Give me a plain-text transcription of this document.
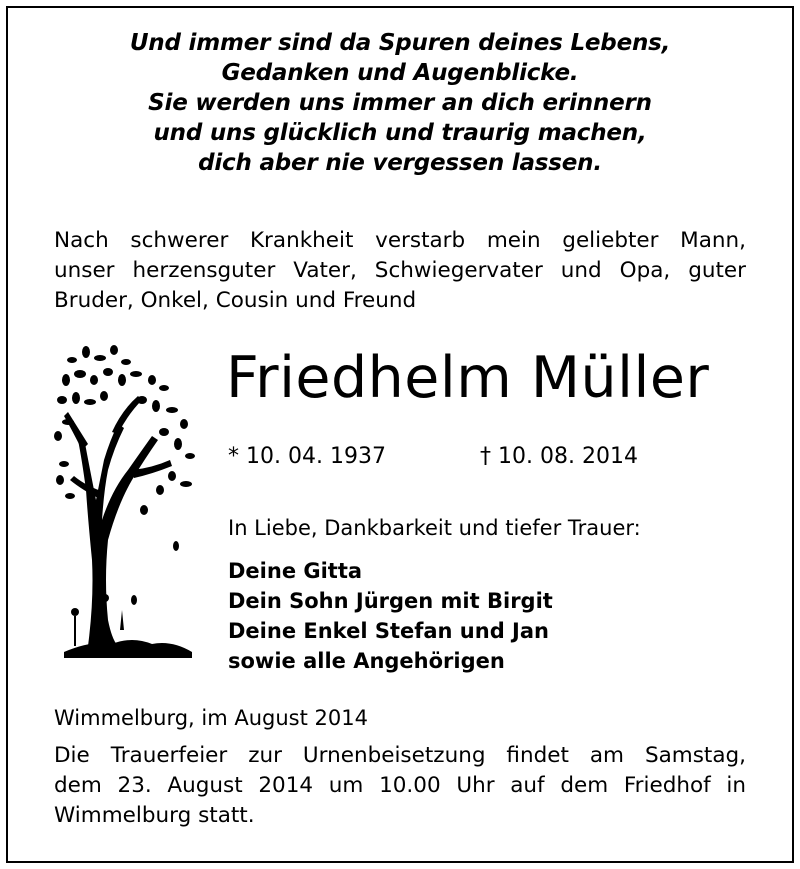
Und immer sind da Spuren deines Lebens,
Gedanken und Augenblicke.
Sie werden uns immer an dich erinnern
und uns glücklich und traurig machen,
dich aber nie vergessen lassen.
Nach schwerer Krankheit verstarb mein geliebter Mann,
unser herzensguter Vater, Schwiegervater und Opa, guter
Bruder, Onkel, Cousin und Freund
Friedhelm Müller
* 10. 04. 1937	† 10. 08. 2014
In Liebe, Dankbarkeit und tiefer Trauer:
Deine Gitta
Dein Sohn Jürgen mit Birgit
Deine Enkel Stefan und Jan
sowie alle Angehörigen
Wimmelburg, im August 2014
Die Trauerfeier zur Urnenbeisetzung findet am Samstag,
dem 23. August 2014 um 10.00 Uhr auf dem Friedhof in
Wimmelburg statt.
